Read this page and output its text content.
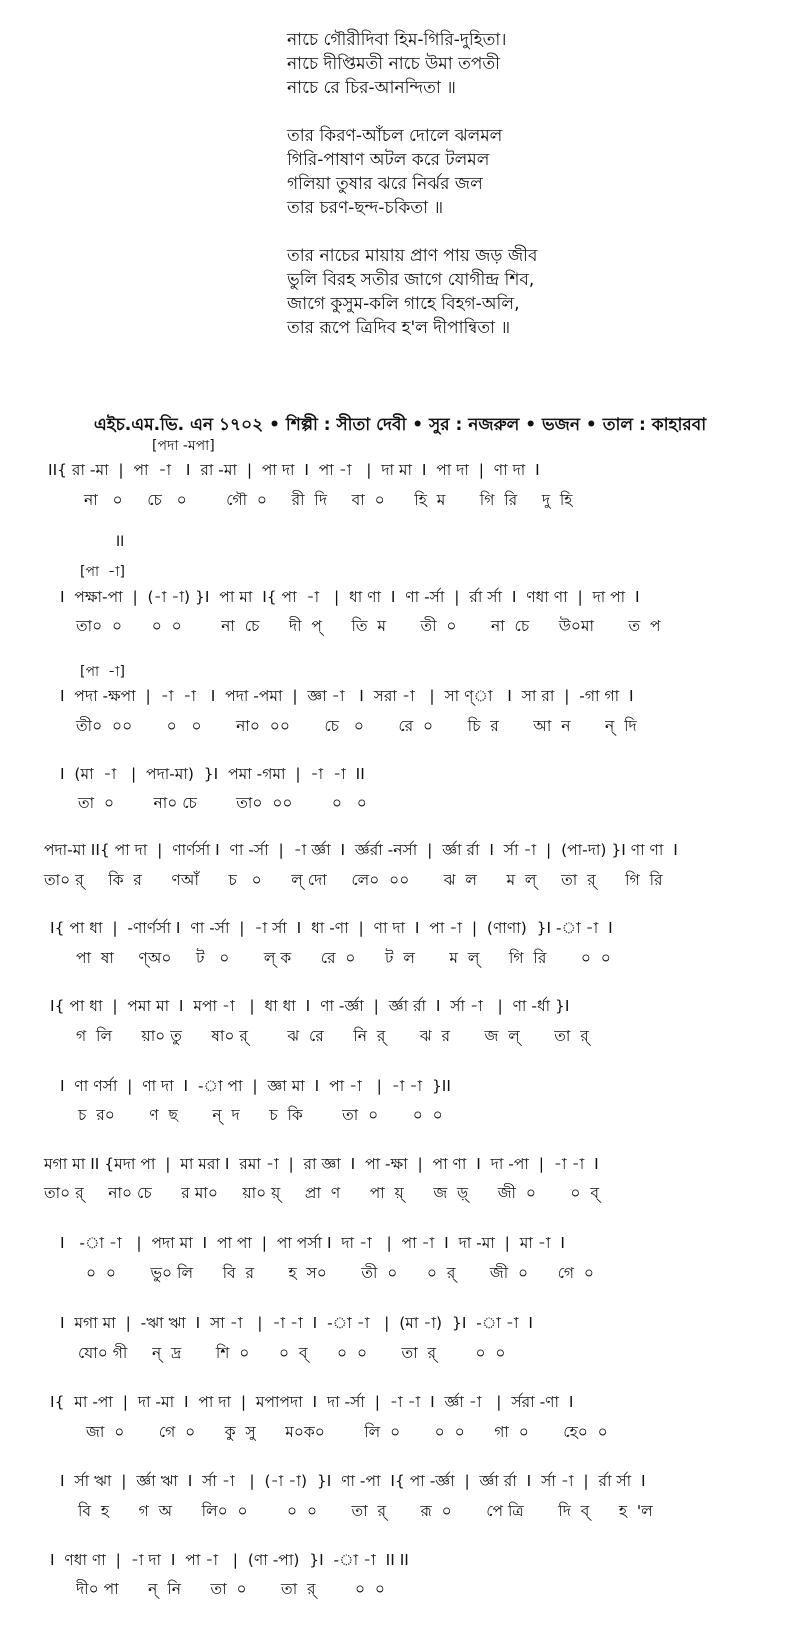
নাচে গৌরীদিবা হিম-গিরি-দুহিতা।
নাচে দীপ্তিমতী নাচে উমা তপতী
নাচে রে চির-আনন্দিতা ॥
তার কিরণ-আঁচল দোলে ঝলমল
গিরি-পাষাণ অটল করে টলমল
গলিয়া তুষার ঝরে নির্ঝর জল
তার চরণ-ছন্দ-চকিতা ॥
তার নাচের মায়ায় প্রাণ পায় জড় জীব
ভুলি বিরহ সতীর জাগে যোগীন্দ্র শিব,
জাগে কুসুম-কলি গাহে বিহগ-অলি,
তার রূপে ত্রিদিব হ'ল দীপান্বিতা ॥
এইচ.এম.ভি. এন ১৭০২ • শিল্পী : সীতা দেবী • সুর : নজরুল • ভজন • তাল : কাহারবা
[পদা -মপা]
II{ রা -মা  |  পা  -া   I  রা -মা  |  পা দা  I  পা -া   |  দা মা  I  পা দা  |  ণা দা  I
না   ০     চে   ০        গৌ  ০     রী  দি     বা  ০      হি  ম       গি  রি     দু  হি
II
[পা  -া]
I  পক্ষা-পা  |  (-া -া) }I  পা মা  I{ পা  -া   |  ধা ণা  I  ণা -র্সা  |  র্রা র্সা  I  ণধা ণা  |  দা পা  I
তা০  ০      ০  ০        না  চে      দী  প্      তি  ম       তী  ০       না  চে      উ০মা       ত  প
[পা  -া]
I  পদা -ক্ষপা  |  -া  -া   I  পদা -পমা  |  জ্ঞা -া   I  সরা -া   |  সা ণ্া   I  সা রা  |  -গা গা  I
তী০  ০০       ০   ০       না০  ০০       চে   ০       রে  ০       চি  র       আ  ন       ন্  দি
I  (মা  -া   |  পদা-মা)  }I  পমা -গমা  |  -া  -া  II
তা  ০        না০ চে        তা০  ০০        ০   ০
পদা-মা II{ পা দা  |  ণার্ণর্সা I  ণা -র্সা  |  -া র্জ্ঞা  I  র্জ্ঞর্রা -নর্সা  |  র্জ্ঞা র্রা  I  র্সা -া  |  (পা-দা) }I ণা ণা  I
তা০ র্     কি  র      ণআঁ      চ   ০      ল্ দো     লে০  ০০       ঝ  ল      ম  ল্     তা  র্      গি  রি
I{ পা ধা  |  -ণার্ণর্সা I  ণা -র্সা  |  -া র্সা  I  ধা -ণা  |  ণা দা  I  পা -া  |  (ণাণা)  }I -া -া  I
পা  ষা     ণ্অ০     ট   ০       ল্ ক      রে  ০      ট  ল       ম  ল্      গি  রি       ০  ০
I{ পা ধা  |  পমা মা  I  মপা -া   |  ধা ধা  I  ণা -র্জ্ঞা  |  র্জ্ঞা র্রা  I  র্সা -া   |  ণা -র্ধা }I
গ  লি      য়া০ তু      ষা০ র্        ঝ  রে      নি  র্       ঝ  র       জ  ল্       তা  র্
I  ণা ণর্সা  |  ণা দা  I  -া পা  |  জ্ঞা মা  I  পা -া   |  -া -া  }II
চ  র০       ণ  ছ       ন্  দ      চ  কি        তা  ০       ০  ০
মগা মা II {মদা পা  |  মা মরা I  রমা -া  |  রা জ্ঞা  I  পা -ক্ষা  |  পা ণা  I  দা -পা  |  -া -া  I
তা০ র্     না০ চে      র মা০     য়া০ য়্     প্রা  ণ      পা  য়্      জ  ড়্      জী  ০       ০  ব্
I   -া -া   |  পদা মা  I  পা পা  |  পা পর্সা I  দা -া   |  পা -া  I  দা -মা  |  মা -া  I
০  ০       ভু০ লি      বি  র       হ  স০       তী  ০      ০  র্       জী  ০      গে  ০
I  মগা মা  |  -ঋা ঋা  I  সা -া   |  -া -া  I  -া -া   |  (মা -া)  }I  -া -া  I
যো০ গী     ন্  দ্র       শি  ০      ০  ব্      ০  ০       তা  র্        ০  ০
I{  মা -পা  |  দা -মা  I  পা দা  |  মপাপদা  I  দা -র্সা  |  -া -া  I  র্জ্ঞা -া   |  র্সরা -ণা  I
জা  ০       গে  ০      কু  সু      ম০ক০        লি  ০       ০  ০      গা  ০       হে০  ০
I  র্সা ঋা  |  র্জ্ঞা ঋা  I  র্সা -া   |  (-া -া)  }I  ণা -পা  I{ পা -র্জ্ঞা  |  র্জ্ঞা র্রা  I  র্সা -া  |  র্রা র্সা  I
বি  হ      গ  অ      লি০  ০        ০  ০       তা  র্       রূ  ০       পে ত্রি       দি  ব্      হ  'ল
I  ণধা ণা  |  -া দা  I  পা -া   |  (ণা -পা)  }I  -া -া  II II
দী০ পা      ন্  নি      তা  ০       তা  র্        ০  ০
